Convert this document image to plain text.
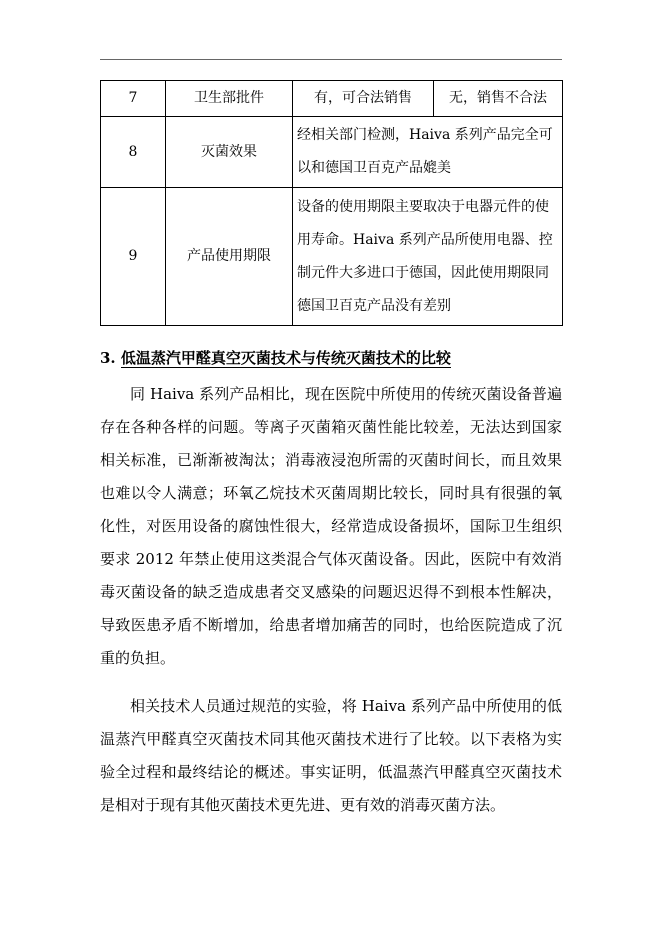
7	卫生部批件	有，可合法销售	无，销售不合法
8	灭菌效果	经相关部门检测，Haiva 系列产品完全可以和德国卫百克产品媲美	
9	产品使用期限	设备的使用期限主要取决于电器元件的使用寿命。Haiva 系列产品所使用电器、控制元件大多进口于德国，因此使用期限同德国卫百克产品没有差别	
3. 低温蒸汽甲醛真空灭菌技术与传统灭菌技术的比较

同 Haiva 系列产品相比，现在医院中所使用的传统灭菌设备普遍存在各种各样的问题。等离子灭菌箱灭菌性能比较差，无法达到国家相关标准，已渐渐被淘汰；消毒液浸泡所需的灭菌时间长，而且效果也难以令人满意；环氧乙烷技术灭菌周期比较长，同时具有很强的氧化性，对医用设备的腐蚀性很大，经常造成设备损坏，国际卫生组织要求 2012 年禁止使用这类混合气体灭菌设备。因此，医院中有效消毒灭菌设备的缺乏造成患者交叉感染的问题迟迟得不到根本性解决，导致医患矛盾不断增加，给患者增加痛苦的同时，也给医院造成了沉重的负担。

相关技术人员通过规范的实验，将 Haiva 系列产品中所使用的低温蒸汽甲醛真空灭菌技术同其他灭菌技术进行了比较。以下表格为实验全过程和最终结论的概述。事实证明，低温蒸汽甲醛真空灭菌技术是相对于现有其他灭菌技术更先进、更有效的消毒灭菌方法。
